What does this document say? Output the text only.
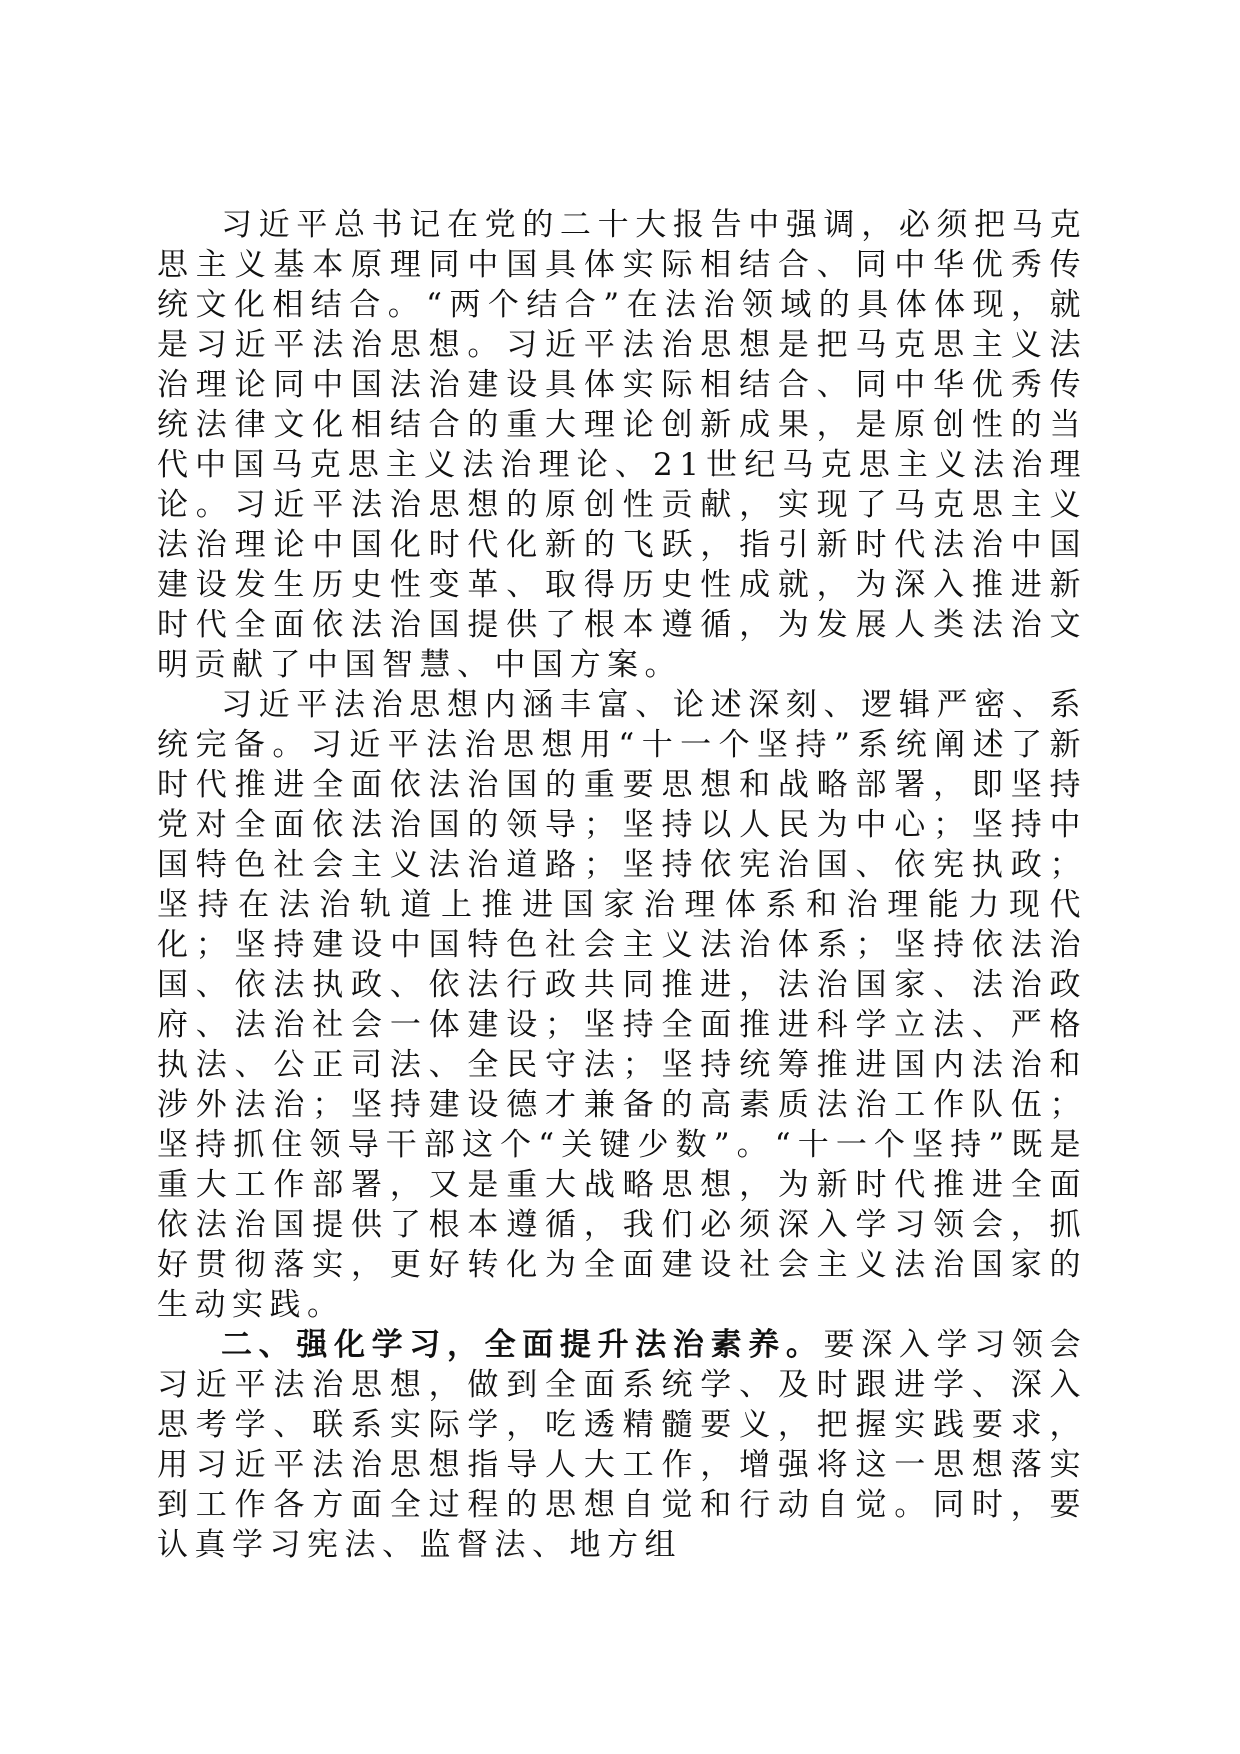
习近平总书记在党的二十大报告中强调，必须把马克思主义基本原理同中国具体实际相结合、同中华优秀传统文化相结合。“两个结合”在法治领域的具体体现，就是习近平法治思想。习近平法治思想是把马克思主义法治理论同中国法治建设具体实际相结合、同中华优秀传统法律文化相结合的重大理论创新成果，是原创性的当代中国马克思主义法治理论、21世纪马克思主义法治理论。习近平法治思想的原创性贡献，实现了马克思主义法治理论中国化时代化新的飞跃，指引新时代法治中国建设发生历史性变革、取得历史性成就，为深入推进新时代全面依法治国提供了根本遵循，为发展人类法治文明贡献了中国智慧、中国方案。

习近平法治思想内涵丰富、论述深刻、逻辑严密、系统完备。习近平法治思想用“十一个坚持”系统阐述了新时代推进全面依法治国的重要思想和战略部署，即坚持党对全面依法治国的领导；坚持以人民为中心；坚持中国特色社会主义法治道路；坚持依宪治国、依宪执政；坚持在法治轨道上推进国家治理体系和治理能力现代化；坚持建设中国特色社会主义法治体系；坚持依法治国、依法执政、依法行政共同推进，法治国家、法治政府、法治社会一体建设；坚持全面推进科学立法、严格执法、公正司法、全民守法；坚持统筹推进国内法治和涉外法治；坚持建设德才兼备的高素质法治工作队伍；坚持抓住领导干部这个“关键少数”。“十一个坚持”既是重大工作部署，又是重大战略思想，为新时代推进全面依法治国提供了根本遵循，我们必须深入学习领会，抓好贯彻落实，更好转化为全面建设社会主义法治国家的生动实践。

二、强化学习，全面提升法治素养。要深入学习领会习近平法治思想，做到全面系统学、及时跟进学、深入思考学、联系实际学，吃透精髓要义，把握实践要求，用习近平法治思想指导人大工作，增强将这一思想落实到工作各方面全过程的思想自觉和行动自觉。同时，要认真学习宪法、监督法、地方组
